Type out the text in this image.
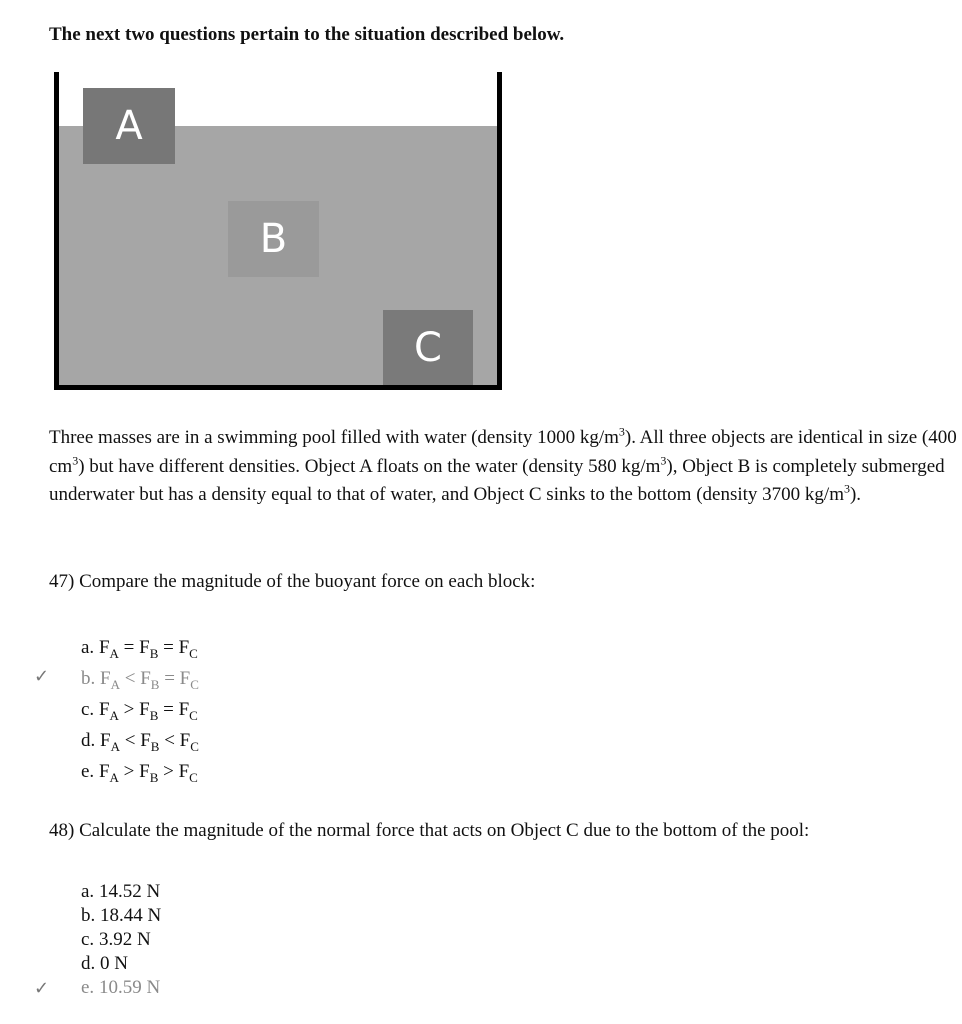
The next two questions pertain to the situation described below.
A
B
C

Three masses are in a swimming pool filled with water (density 1000 $kg/m^3$). All three objects are identical in size (400 $cm^3$) but have different densities. Object A floats on the water (density 580 $kg/m^3$), Object B is completely submerged underwater but has a density equal to that of water, and Object C sinks to the bottom (density 3700 $kg/m^3$).

47) Compare the magnitude of the buoyant force on each block:
✓
a. $F_A = F_B = F_C$
b. $F_A < F_B = F_C$
c. $F_A > F_B = F_C$
d. $F_A < F_B < F_C$
e. $F_A > F_B > F_C$
48) Calculate the magnitude of the normal force that acts on Object C due to the bottom of the pool:
a. 14.52 N
b. 18.44 N
c. 3.92 N
d. 0 N
e. 10.59 N
✓
